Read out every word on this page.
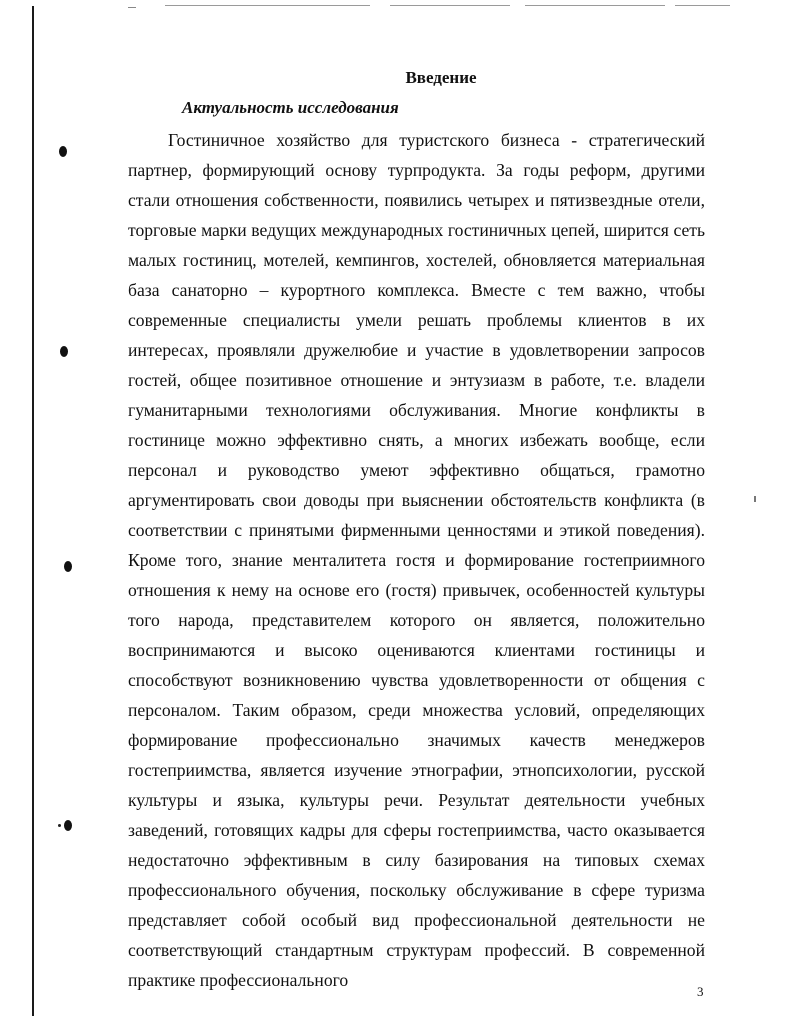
Введение
Актуальность исследования

Гостиничное хозяйство для туристского бизнеса - стратегический партнер, формирующий основу турпродукта. За годы реформ, другими стали отношения собственности, появились четырех и пятизвездные отели, торговые марки ведущих международных гостиничных цепей, ширится сеть малых гостиниц, мотелей, кемпингов, хостелей, обновляется материальная база санаторно – курортного комплекса. Вместе с тем важно, чтобы современные специалисты умели решать проблемы клиентов в их интересах, проявляли дружелюбие и участие в удовлетворении запросов гостей, общее позитивное отношение и энтузиазм в работе, т.е. владели гуманитарными технологиями обслуживания. Многие конфликты в гостинице можно эффективно снять, а многих избежать вообще, если персонал и руководство умеют эффективно общаться, грамотно аргументировать свои доводы при выяснении обстоятельств конфликта (в соответствии с принятыми фирменными ценностями и этикой поведения). Кроме того, знание менталитета гостя и формирование гостеприимного отношения к нему на основе его (гостя) привычек, особенностей культуры того народа, представителем которого он является, положительно воспринимаются и высоко оцениваются клиентами гостиницы и способствуют возникновению чувства удовлетворенности от общения с персоналом. Таким образом, среди множества условий, определяющих формирование профессионально значимых качеств менеджеров гостеприимства, является изучение этнографии, этнопсихологии, русской культуры и языка, культуры речи. Результат деятельности учебных заведений, готовящих кадры для сферы гостеприимства, часто оказывается недостаточно эффективным в силу базирования на типовых схемах профессионального обучения, поскольку обслуживание в сфере туризма представляет собой особый вид профессиональной деятельности не соответствующий стандартным структурам профессий. В современной практике профессионального

3
